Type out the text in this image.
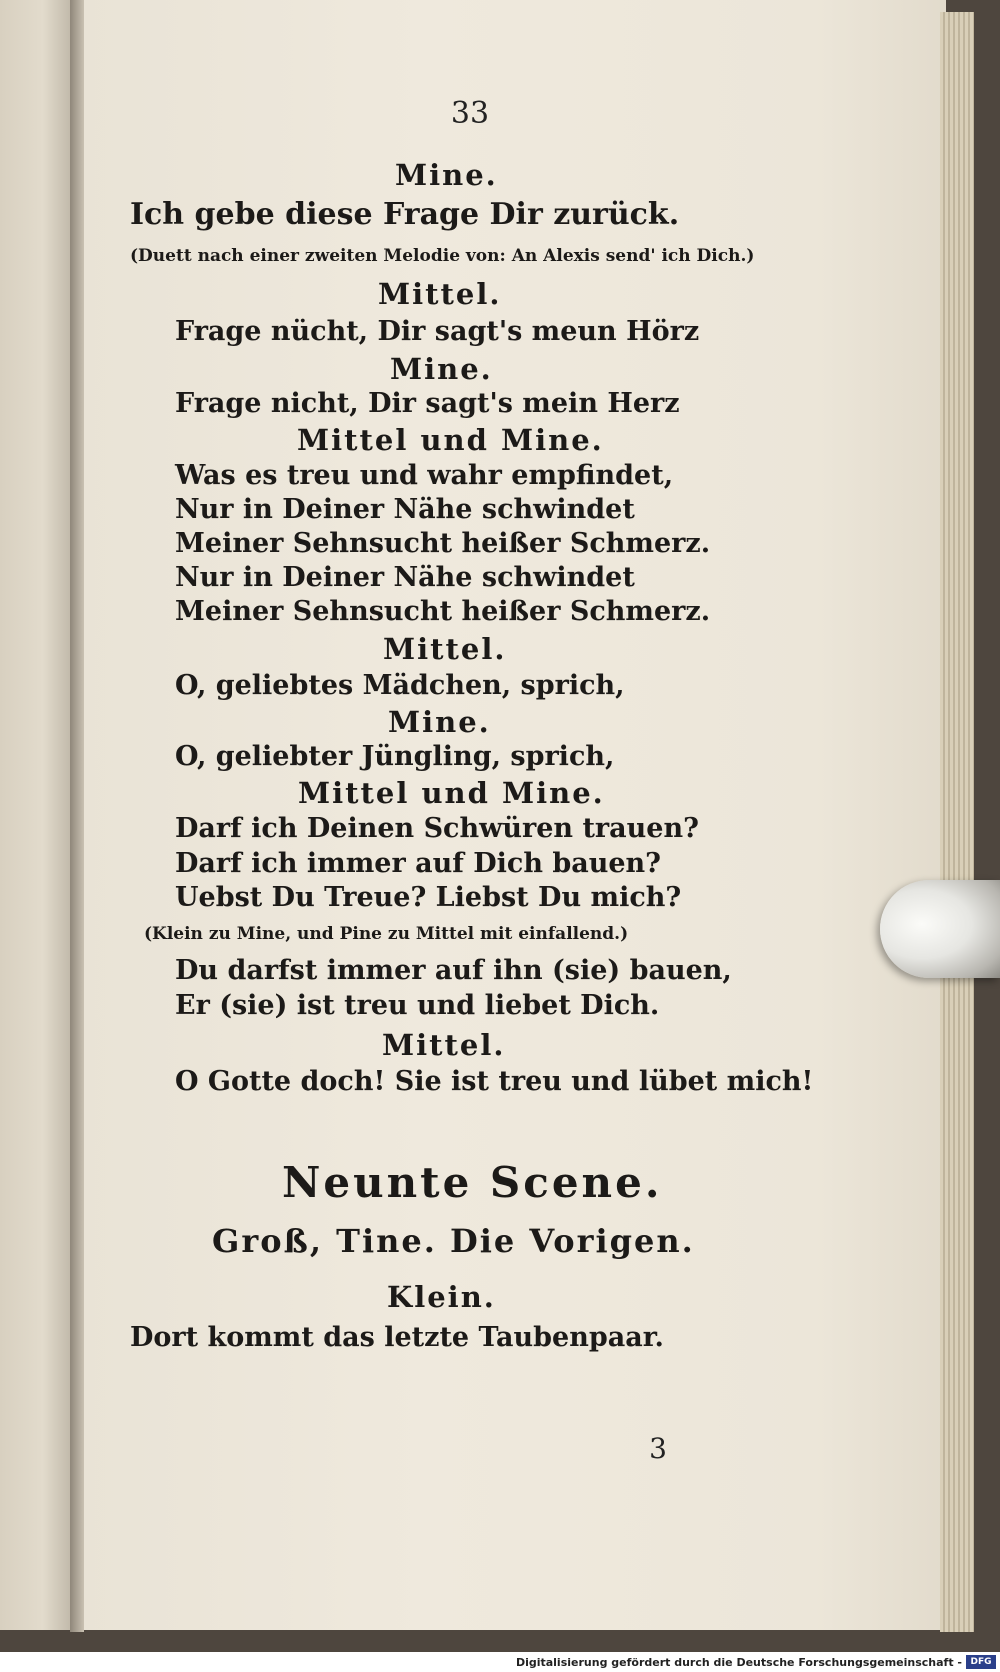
33
Mine.
Ich gebe diese Frage Dir zurück.
(Duett nach einer zweiten Melodie von: An Alexis send' ich Dich.)
Mittel.
Frage nücht, Dir sagt's meun Hörz
Mine.
Frage nicht, Dir sagt's mein Herz
Mittel und Mine.
Was es treu und wahr empfindet,
Nur in Deiner Nähe schwindet
Meiner Sehnsucht heißer Schmerz.
Nur in Deiner Nähe schwindet
Meiner Sehnsucht heißer Schmerz.
Mittel.
O, geliebtes Mädchen, sprich,
Mine.
O, geliebter Jüngling, sprich,
Mittel und Mine.
Darf ich Deinen Schwüren trauen?
Darf ich immer auf Dich bauen?
Uebst Du Treue? Liebst Du mich?
(Klein zu Mine, und Pine zu Mittel mit einfallend.)
Du darfst immer auf ihn (sie) bauen,
Er (sie) ist treu und liebet Dich.
Mittel.
O Gotte doch! Sie ist treu und lübet mich!
Neunte Scene.
Groß, Tine. Die Vorigen.
Klein.
Dort kommt das letzte Taubenpaar.
3
Digitalisierung gefördert durch die Deutsche Forschungsgemeinschaft - DFG
